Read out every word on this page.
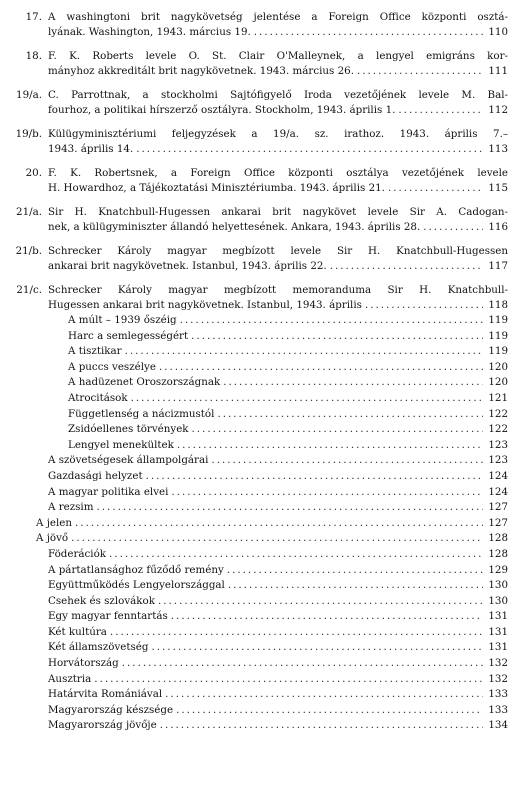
17. A washingtoni brit nagykövetség jelentése a Foreign Office központi osztá-
lyának. Washington, 1943. március 19. .....	110
18. F. K. Roberts levele O. St. Clair O'Malleynek, a lengyel emigráns kor-
mányhoz akkreditált brit nagykövetnek. 1943. március 26. .....	111
19/a. C. Parrottnak, a stockholmi Sajtófigyelő Iroda vezetőjének levele M. Bal-
fourhoz, a politikai hírszerző osztályra. Stockholm, 1943. április 1. .....	112
19/b. Külügyminisztériumi feljegyzések a 19/a. sz. irathoz. 1943. április 7.–
1943. április 14. .....	113
20. F. K. Robertsnek, a Foreign Office központi osztálya vezetőjének levele
H. Howardhoz, a Tájékoztatási Minisztériumba. 1943. április 21. .....	115
21/a. Sir H. Knatchbull-Hugessen ankarai brit nagykövet levele Sir A. Cadogan-
nek, a külügyminiszter állandó helyettesének. Ankara, 1943. április 28. .....	116
21/b. Schrecker Károly magyar megbízott levele Sir H. Knatchbull-Hugessen
ankarai brit nagykövetnek. Istanbul, 1943. április 22. .....	117
21/c. Schrecker Károly magyar megbízott memoranduma Sir H. Knatchbull-
Hugessen ankarai brit nagykövetnek. Istanbul, 1943. április .....	118
A múlt – 1939 őszéig .....	119
Harc a semlegességért .....	119
A tisztikar .....	119
A puccs veszélye .....	120
A hadüzenet Oroszországnak .....	120
Atrocitások .....	121
Függetlenség a nácizmustól .....	122
Zsidóellenes törvények .....	122
Lengyel menekültek .....	123
A szövetségesek állampolgárai .....	123
Gazdasági helyzet .....	124
A magyar politika elvei .....	124
A rezsim .....	127
A jelen .....	127
A jövő .....	128
Föderációk .....	128
A pártatlansághoz fűződő remény .....	129
Együttműködés Lengyelországgal .....	130
Csehek és szlovákok .....	130
Egy magyar fenntartás .....	131
Két kultúra .....	131
Két államszövetség .....	131
Horvátország .....	132
Ausztria .....	132
Határvita Romániával .....	133
Magyarország készsége .....	133
Magyarország jövője .....	134
